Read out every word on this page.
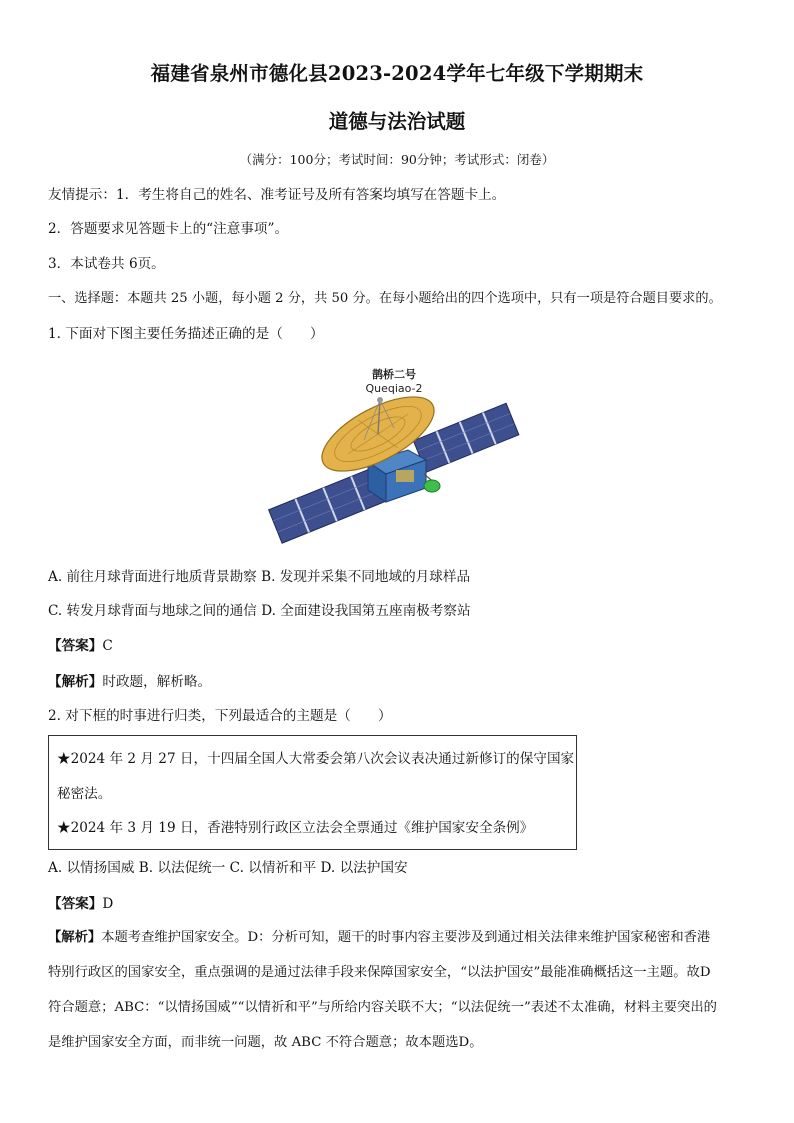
福建省泉州市德化县2023-2024学年七年级下学期期末
道德与法治试题
（满分：100分；考试时间：90分钟；考试形式：闭卷）
友情提示：1．考生将自己的姓名、准考证号及所有答案均填写在答题卡上。
2．答题要求见答题卡上的“注意事项”。
3．本试卷共 6页。
一、选择题：本题共 25 小题，每小题 2 分，共 50 分。在每小题给出的四个选项中，只有一项是符合题目要求的。
1. 下面对下图主要任务描述正确的是（　　）
鹊桥二号
Queqiao-2
A. 前往月球背面进行地质背景勘察 B. 发现并采集不同地域的月球样品
C. 转发月球背面与地球之间的通信 D. 全面建设我国第五座南极考察站
【答案】C
【解析】时政题，解析略。
2. 对下框的时事进行归类，下列最适合的主题是（　　）
★2024 年 2 月 27 日，十四届全国人大常委会第八次会议表决通过新修订的保守国家
秘密法。
★2024 年 3 月 19 日，香港特别行政区立法会全票通过《维护国家安全条例》
A. 以情扬国威 B. 以法促统一 C. 以情祈和平 D. 以法护国安
【答案】D
【解析】本题考查维护国家安全。D：分析可知，题干的时事内容主要涉及到通过相关法律来维护国家秘密和香港
特别行政区的国家安全，重点强调的是通过法律手段来保障国家安全，“以法护国安”最能准确概括这一主题。故D
符合题意；ABC：“以情扬国威”“以情祈和平”与所给内容关联不大；“以法促统一”表述不太准确，材料主要突出的
是维护国家安全方面，而非统一问题，故 ABC 不符合题意；故本题选D。
